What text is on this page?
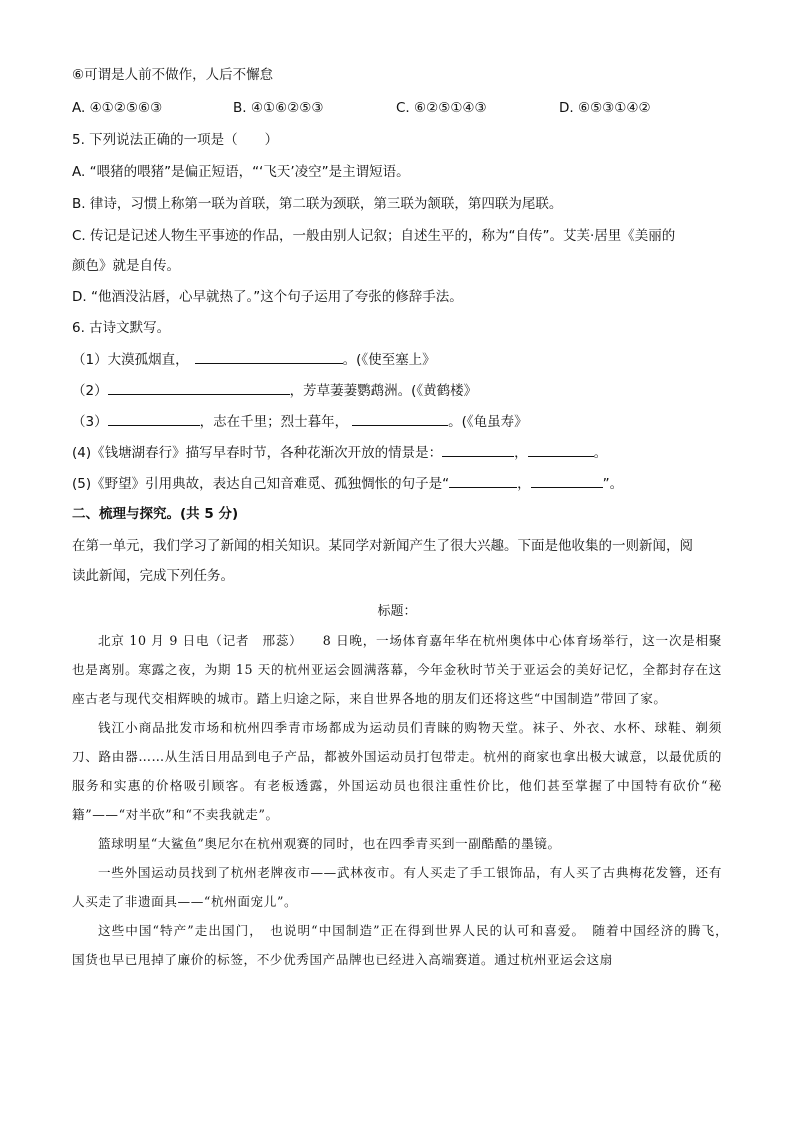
⑥可谓是人前不做作，人后不懈怠
A. ④①②⑤⑥③	B. ④①⑥②⑤③	C. ⑥②⑤①④③	D. ⑥⑤③①④②
5. 下列说法正确的一项是（　　）
A. “喂猪的喂猪”是偏正短语，“‘飞天’凌空”是主谓短语。
B. 律诗，习惯上称第一联为首联，第二联为颈联，第三联为颔联，第四联为尾联。
C. 传记是记述人物生平事迹的作品，一般由别人记叙；自述生平的，称为“自传”。艾芙·居里《美丽的
颜色》就是自传。
D. “他酒没沾唇，心早就热了。”这个句子运用了夸张的修辞手法。
6. 古诗文默写。
（1）大漠孤烟直，	。(《使至塞上》
（2）	，芳草萋萋鹦鹉洲。(《黄鹤楼》
（3）	，志在千里；烈士暮年，	。(《龟虽寿》
(4)《钱塘湖春行》描写早春时节，各种花渐次开放的情景是：	，	。
(5)《野望》引用典故，表达自己知音难觅、孤独惆怅的句子是“	，	”。
二、梳理与探究。(共 5 分)
在第一单元，我们学习了新闻的相关知识。某同学对新闻产生了很大兴趣。下面是他收集的一则新闻，阅
读此新闻，完成下列任务。
标题：

北京 10 月 9 日电（记者　邢蕊）　　8 日晚，一场体育嘉年华在杭州奥体中心体育场举行，这一次是相聚也是离别。寒露之夜，为期 15 天的杭州亚运会圆满落幕，今年金秋时节关于亚运会的美好记忆，全都封存在这座古老与现代交相辉映的城市。踏上归途之际，来自世界各地的朋友们还将这些“中国制造”带回了家。

钱江小商品批发市场和杭州四季青市场都成为运动员们青睐的购物天堂。袜子、外衣、水杯、球鞋、剃须刀、路由器……从生活日用品到电子产品，都被外国运动员打包带走。杭州的商家也拿出极大诚意，以最优质的服务和实惠的价格吸引顾客。有老板透露，外国运动员也很注重性价比，他们甚至掌握了中国特有砍价“秘籍”——“对半砍”和“不卖我就走”。

篮球明星“大鲨鱼”奥尼尔在杭州观赛的同时，也在四季青买到一副酷酷的墨镜。

一些外国运动员找到了杭州老牌夜市——武林夜市。有人买走了手工银饰品，有人买了古典梅花发簪，还有人买走了非遗面具——“杭州面宠儿”。

这些中国“特产”走出国门，　也说明“中国制造”正在得到世界人民的认可和喜爱。　随着中国经济的腾飞，　国货也早已甩掉了廉价的标签，不少优秀国产品牌也已经进入高端赛道。通过杭州亚运会这扇
